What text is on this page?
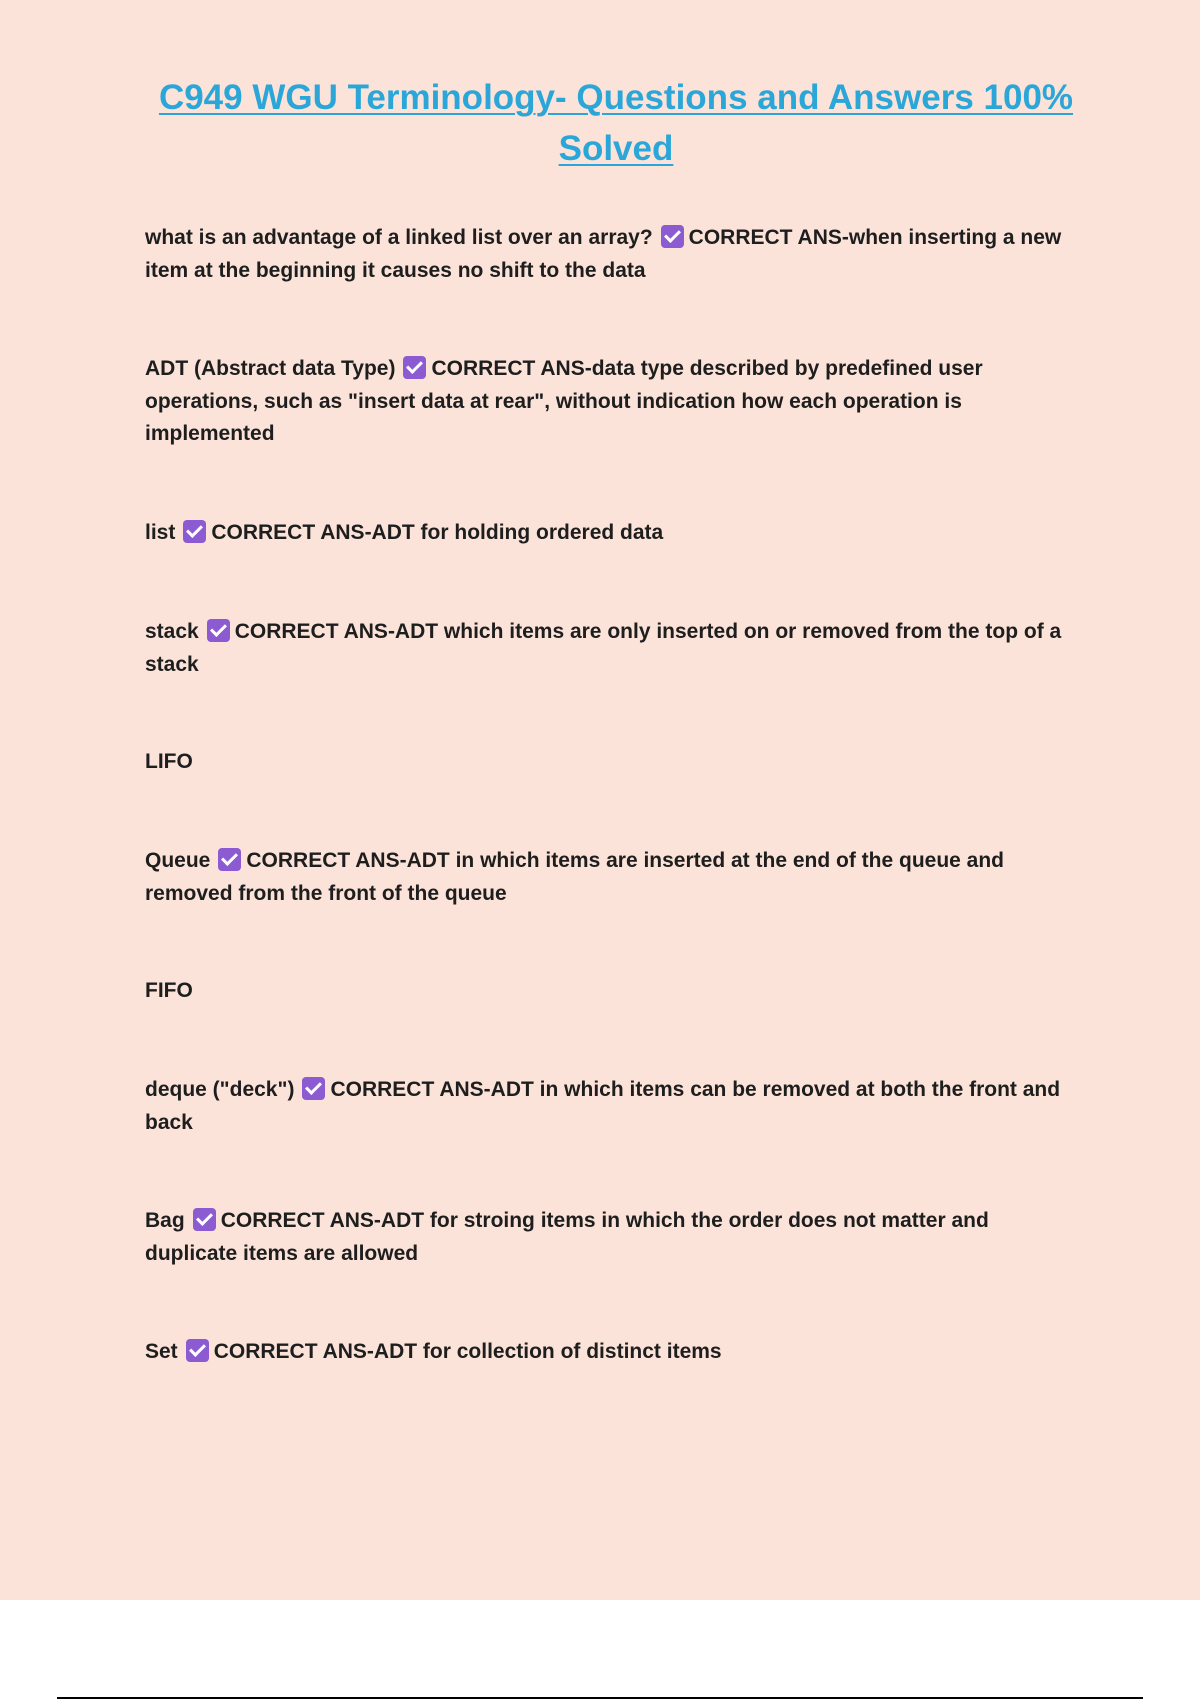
C949 WGU Terminology- Questions and Answers 100% Solved
what is an advantage of a linked list over an array? CORRECT ANS-when inserting a new item at the beginning it causes no shift to the data
ADT (Abstract data Type) CORRECT ANS-data type described by predefined user operations, such as "insert data at rear", without indication how each operation is implemented
list CORRECT ANS-ADT for holding ordered data
stack CORRECT ANS-ADT which items are only inserted on or removed from the top of a stack
LIFO
Queue CORRECT ANS-ADT in which items are inserted at the end of the queue and removed from the front of the queue
FIFO
deque ("deck") CORRECT ANS-ADT in which items can be removed at both the front and back
Bag CORRECT ANS-ADT for stroing items in which the order does not matter and duplicate items are allowed
Set CORRECT ANS-ADT for collection of distinct items
